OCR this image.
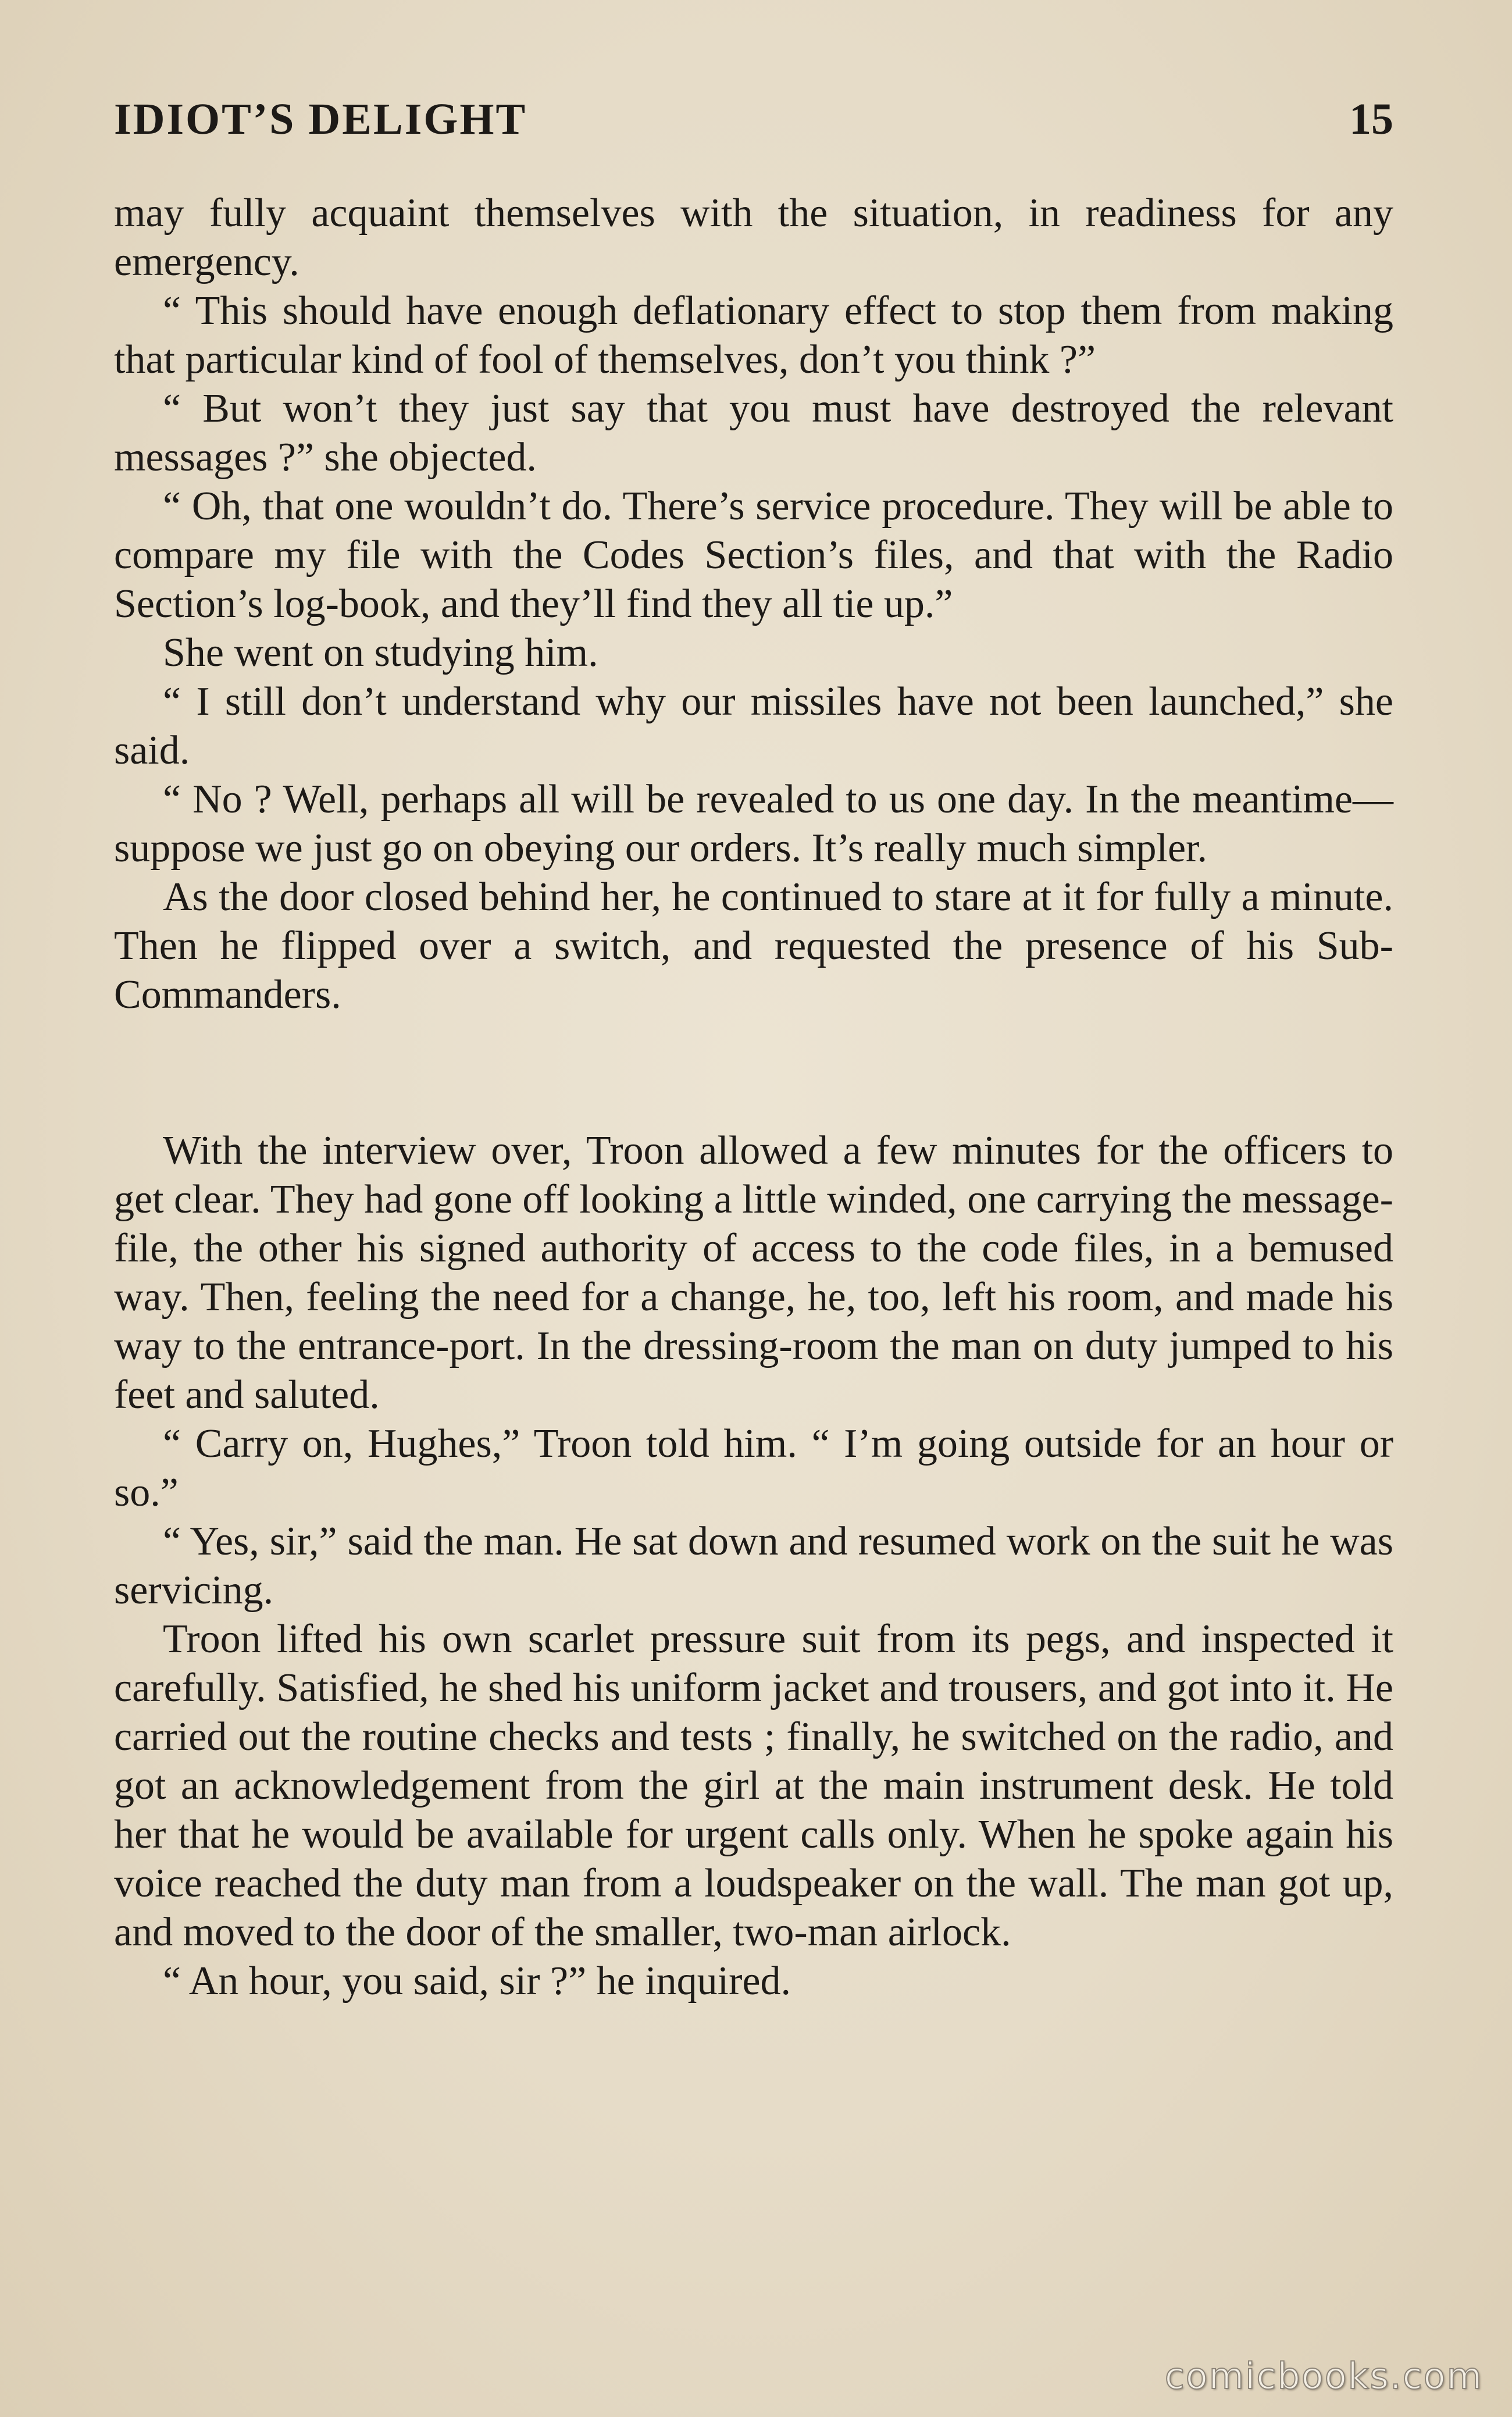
IDIOT’S DELIGHT	15

may fully acquaint themselves with the situation, in readiness for any emergency.

“ This should have enough deflationary effect to stop them from making that particular kind of fool of themselves, don’t you think ?”

“ But won’t they just say that you must have destroyed the relevant messages ?” she objected.

“ Oh, that one wouldn’t do. There’s service procedure. They will be able to compare my file with the Codes Section’s files, and that with the Radio Section’s log-book, and they’ll find they all tie up.”

She went on studying him.

“ I still don’t understand why our missiles have not been launched,” she said.

“ No ? Well, perhaps all will be revealed to us one day. In the meantime—suppose we just go on obeying our orders. It’s really much simpler.

As the door closed behind her, he continued to stare at it for fully a minute. Then he flipped over a switch, and requested the presence of his Sub-Commanders.

With the interview over, Troon allowed a few minutes for the officers to get clear. They had gone off looking a little winded, one carrying the message-file, the other his signed authority of access to the code files, in a bemused way. Then, feeling the need for a change, he, too, left his room, and made his way to the entrance-port. In the dressing-room the man on duty jumped to his feet and saluted.

“ Carry on, Hughes,” Troon told him. “ I’m going outside for an hour or so.”

“ Yes, sir,” said the man. He sat down and resumed work on the suit he was servicing.

Troon lifted his own scarlet pressure suit from its pegs, and inspected it carefully. Satisfied, he shed his uniform jacket and trousers, and got into it. He carried out the routine checks and tests ; finally, he switched on the radio, and got an acknowledgement from the girl at the main instrument desk. He told her that he would be available for urgent calls only. When he spoke again his voice reached the duty man from a loudspeaker on the wall. The man got up, and moved to the door of the smaller, two-man airlock.

“ An hour, you said, sir ?” he inquired.

comicbooks.com
